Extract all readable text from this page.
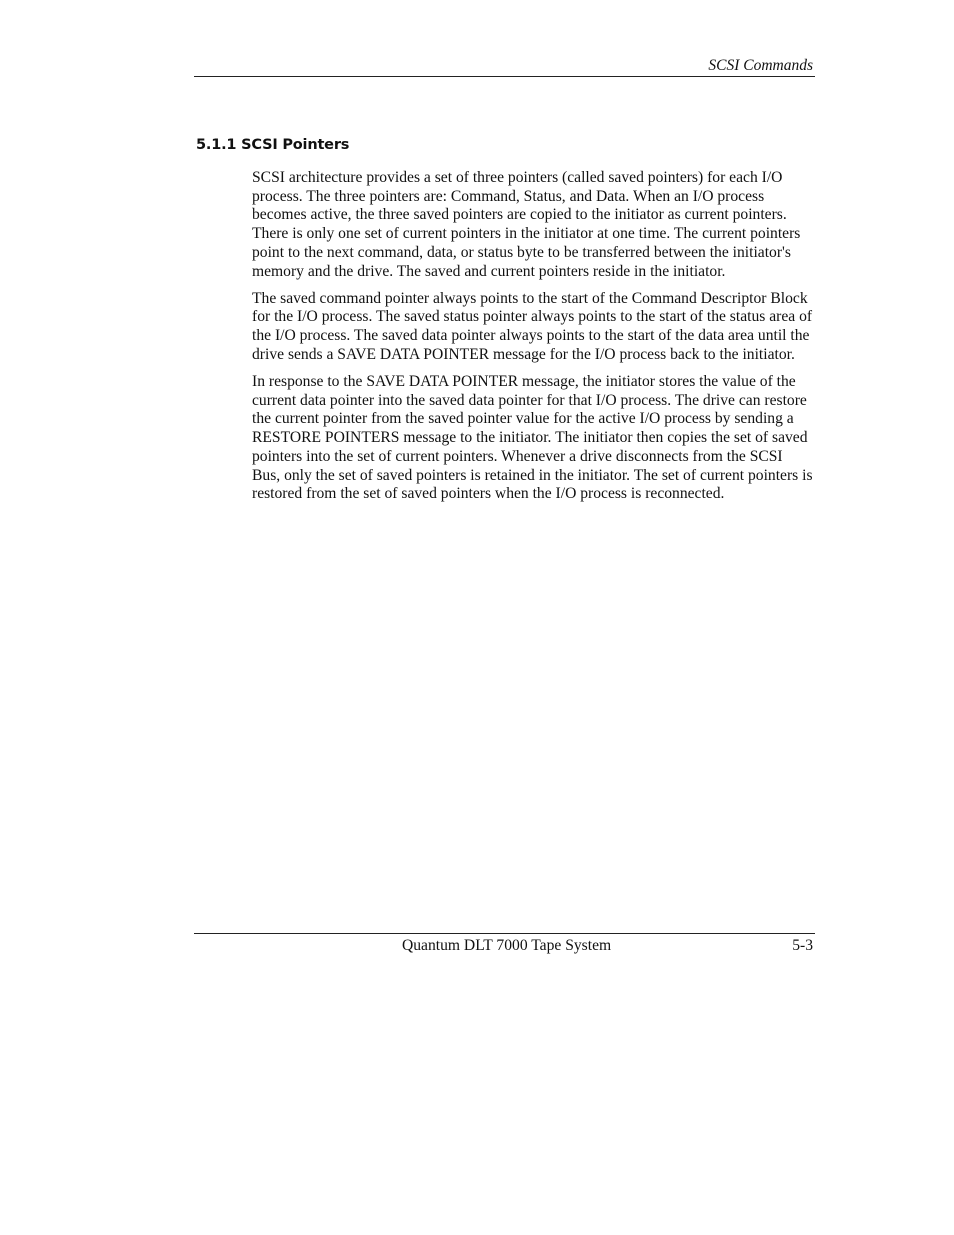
SCSI Commands
5.1.1 SCSI Pointers

SCSI architecture provides a set of three pointers (called saved pointers) for each I/O process. The three pointers are: Command, Status, and Data. When an I/O process becomes active, the three saved pointers are copied to the initiator as current pointers. There is only one set of current pointers in the initiator at one time. The current pointers point to the next command, data, or status byte to be transferred between the initiator's memory and the drive. The saved and current pointers reside in the initiator.

The saved command pointer always points to the start of the Command Descriptor Block for the I/O process. The saved status pointer always points to the start of the status area of the I/O process. The saved data pointer always points to the start of the data area until the drive sends a SAVE DATA POINTER message for the I/O process back to the initiator.

In response to the SAVE DATA POINTER message, the initiator stores the value of the current data pointer into the saved data pointer for that I/O process. The drive can restore the current pointer from the saved pointer value for the active I/O process by sending a RESTORE POINTERS message to the initiator. The initiator then copies the set of saved pointers into the set of current pointers. Whenever a drive disconnects from the SCSI Bus, only the set of saved pointers is retained in the initiator. The set of current pointers is restored from the set of saved pointers when the I/O process is reconnected.

Quantum DLT 7000 Tape System	5-3
